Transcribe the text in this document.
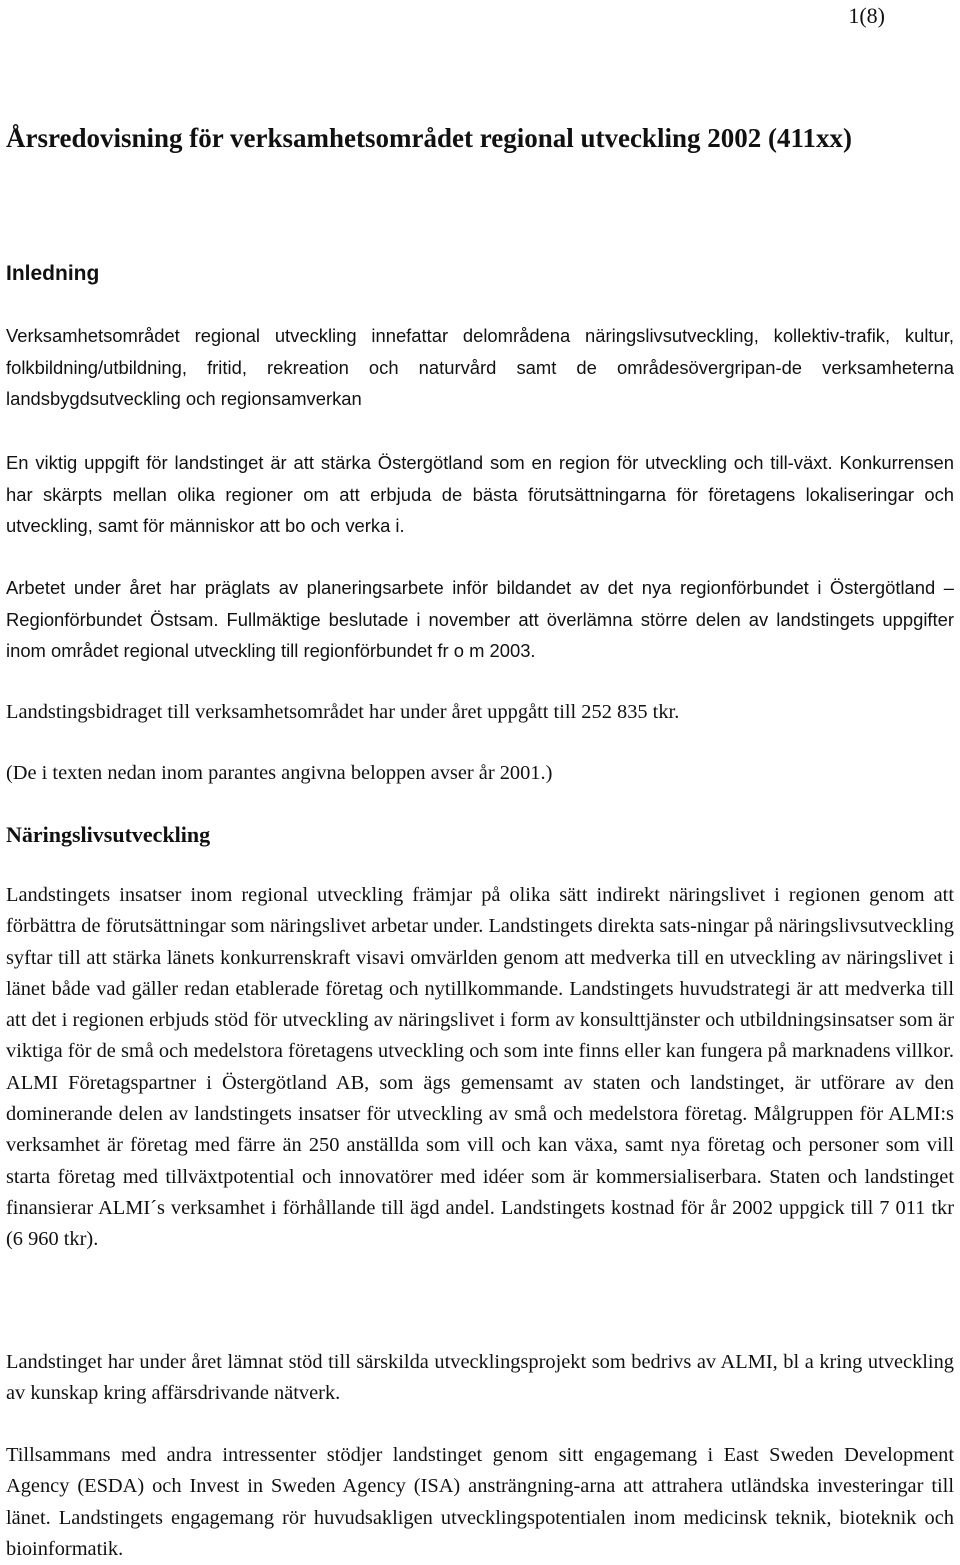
1(8)
Årsredovisning för verksamhetsområdet regional utveckling 2002 (411xx)
Inledning

Verksamhetsområdet regional utveckling innefattar delområdena näringslivsutveckling, kollektiv-trafik, kultur, folkbildning/utbildning, fritid, rekreation och naturvård samt de områdesövergripan-de verksamheterna landsbygdsutveckling och regionsamverkan

En viktig uppgift för landstinget är att stärka Östergötland som en region för utveckling och till-växt. Konkurrensen har skärpts mellan olika regioner om att erbjuda de bästa förutsättningarna för företagens lokaliseringar och utveckling, samt för människor att bo och verka i.

Arbetet under året har präglats av planeringsarbete inför bildandet av det nya regionförbundet i Östergötland – Regionförbundet Östsam. Fullmäktige beslutade i november att överlämna större delen av landstingets uppgifter inom området regional utveckling till regionförbundet fr o m 2003.

Landstingsbidraget till verksamhetsområdet har under året uppgått till 252 835 tkr.

(De i texten nedan inom parantes angivna beloppen avser år 2001.)

Näringslivsutveckling

Landstingets insatser inom regional utveckling främjar på olika sätt indirekt näringslivet i regionen genom att förbättra de förutsättningar som näringslivet arbetar under. Landstingets direkta sats-ningar på näringslivsutveckling syftar till att stärka länets konkurrenskraft visavi omvärlden genom att medverka till en utveckling av näringslivet i länet både vad gäller redan etablerade företag och nytillkommande. Landstingets huvudstrategi är att medverka till att det i regionen erbjuds stöd för utveckling av näringslivet i form av konsulttjänster och utbildningsinsatser som är viktiga för de små och medelstora företagens utveckling och som inte finns eller kan fungera på marknadens villkor. ALMI Företagspartner i Östergötland AB, som ägs gemensamt av staten och landstinget, är utförare av den dominerande delen av landstingets insatser för utveckling av små och medelstora företag. Målgruppen för ALMI:s verksamhet är företag med färre än 250 anställda som vill och kan växa, samt nya företag och personer som vill starta företag med tillväxtpotential och innovatörer med idéer som är kommersialiserbara. Staten och landstinget finansierar ALMI´s verksamhet i förhållande till ägd andel. Landstingets kostnad för år 2002 uppgick till 7 011 tkr (6 960 tkr).

Landstinget har under året lämnat stöd till särskilda utvecklingsprojekt som bedrivs av ALMI, bl a kring utveckling av kunskap kring affärsdrivande nätverk.

Tillsammans med andra intressenter stödjer landstinget genom sitt engagemang i East Sweden Development Agency (ESDA) och Invest in Sweden Agency (ISA) ansträngning-arna att attrahera utländska investeringar till länet. Landstingets engagemang rör huvudsakligen utvecklingspotentialen inom medicinsk teknik, bioteknik och bioinformatik.
